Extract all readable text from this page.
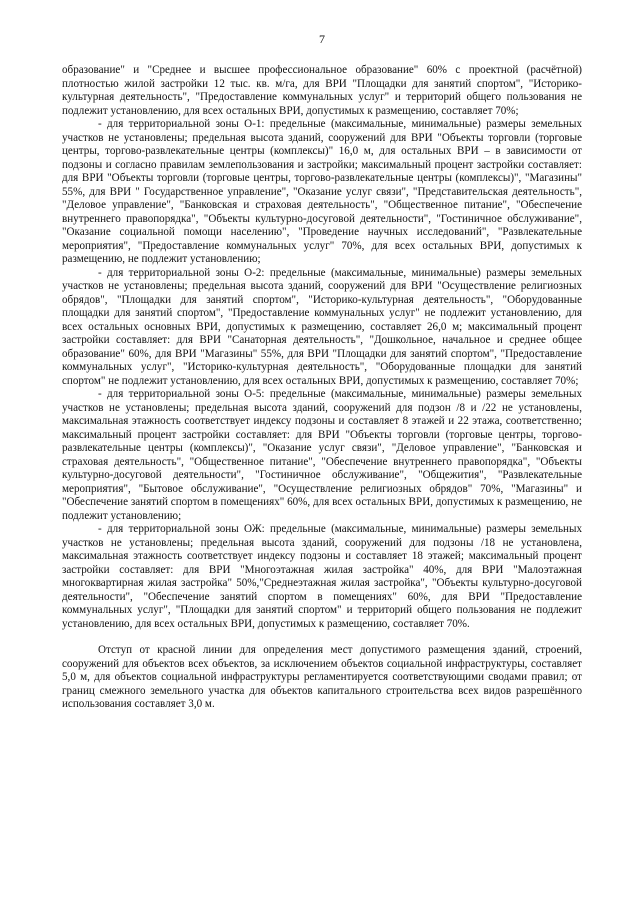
7

образование" и "Среднее и высшее профессиональное образование" 60% с проектной (расчётной) плотностью жилой застройки 12 тыс. кв. м/га, для ВРИ "Площадки для занятий спортом", "Историко-культурная деятельность", "Предоставление коммунальных услуг" и территорий общего пользования не подлежит установлению, для всех остальных ВРИ, допустимых к размещению, составляет 70%;

- для территориальной зоны О-1: предельные (максимальные, минимальные) размеры земельных участков не установлены; предельная высота зданий, сооружений для ВРИ "Объекты торговли (торговые центры, торгово-развлекательные центры (комплексы)" 16,0 м, для остальных ВРИ – в зависимости от подзоны и согласно правилам землепользования и застройки; максимальный процент застройки составляет: для ВРИ "Объекты торговли (торговые центры, торгово-развлекательные центры (комплексы)", "Магазины" 55%, для ВРИ " Государственное управление", "Оказание услуг связи", "Представительская деятельность", "Деловое управление", "Банковская и страховая деятельность", "Общественное питание", "Обеспечение внутреннего правопорядка", "Объекты культурно-досуговой деятельности", "Гостиничное обслуживание", "Оказание социальной помощи населению", "Проведение научных исследований", "Развлекательные мероприятия", "Предоставление коммунальных услуг" 70%, для всех остальных ВРИ, допустимых к размещению, не подлежит установлению;

- для территориальной зоны О-2: предельные (максимальные, минимальные) размеры земельных участков не установлены; предельная высота зданий, сооружений для ВРИ "Осуществление религиозных обрядов", "Площадки для занятий спортом", "Историко-культурная деятельность", "Оборудованные площадки для занятий спортом", "Предоставление коммунальных услуг" не подлежит установлению, для всех остальных основных ВРИ, допустимых к размещению, составляет 26,0 м; максимальный процент застройки составляет: для ВРИ "Санаторная деятельность", "Дошкольное, начальное и среднее общее образование" 60%, для ВРИ "Магазины" 55%, для ВРИ "Площадки для занятий спортом", "Предоставление коммунальных услуг", "Историко-культурная деятельность", "Оборудованные площадки для занятий спортом" не подлежит установлению, для всех остальных ВРИ, допустимых к размещению, составляет 70%;

- для территориальной зоны О-5: предельные (максимальные, минимальные) размеры земельных участков не установлены; предельная высота зданий, сооружений для подзон /8 и /22 не установлены, максимальная этажность соответствует индексу подзоны и составляет 8 этажей и 22 этажа, соответственно; максимальный процент застройки составляет: для ВРИ "Объекты торговли (торговые центры, торгово-развлекательные центры (комплексы)", "Оказание услуг связи", "Деловое управление", "Банковская и страховая деятельность", "Общественное питание", "Обеспечение внутреннего правопорядка", "Объекты культурно-досуговой деятельности", "Гостиничное обслуживание", "Общежития", "Развлекательные мероприятия", "Бытовое обслуживание", "Осуществление религиозных обрядов" 70%, "Магазины" и "Обеспечение занятий спортом в помещениях" 60%, для всех остальных ВРИ, допустимых к размещению, не подлежит установлению;

- для территориальной зоны ОЖ: предельные (максимальные, минимальные) размеры земельных участков не установлены; предельная высота зданий, сооружений для подзоны /18 не установлена, максимальная этажность соответствует индексу подзоны и составляет 18 этажей; максимальный процент застройки составляет: для ВРИ "Многоэтажная жилая застройка" 40%, для ВРИ "Малоэтажная многоквартирная жилая застройка" 50%,"Среднеэтажная жилая застройка", "Объекты культурно-досуговой деятельности", "Обеспечение занятий спортом в помещениях" 60%, для ВРИ "Предоставление коммунальных услуг", "Площадки для занятий спортом" и территорий общего пользования не подлежит установлению, для всех остальных ВРИ, допустимых к размещению, составляет 70%.

Отступ от красной линии для определения мест допустимого размещения зданий, строений, сооружений для объектов всех объектов, за исключением объектов социальной инфраструктуры, составляет 5,0 м, для объектов социальной инфраструктуры регламентируется соответствующими сводами правил; от границ смежного земельного участка для объектов капитального строительства всех видов разрешённого использования составляет 3,0 м.
